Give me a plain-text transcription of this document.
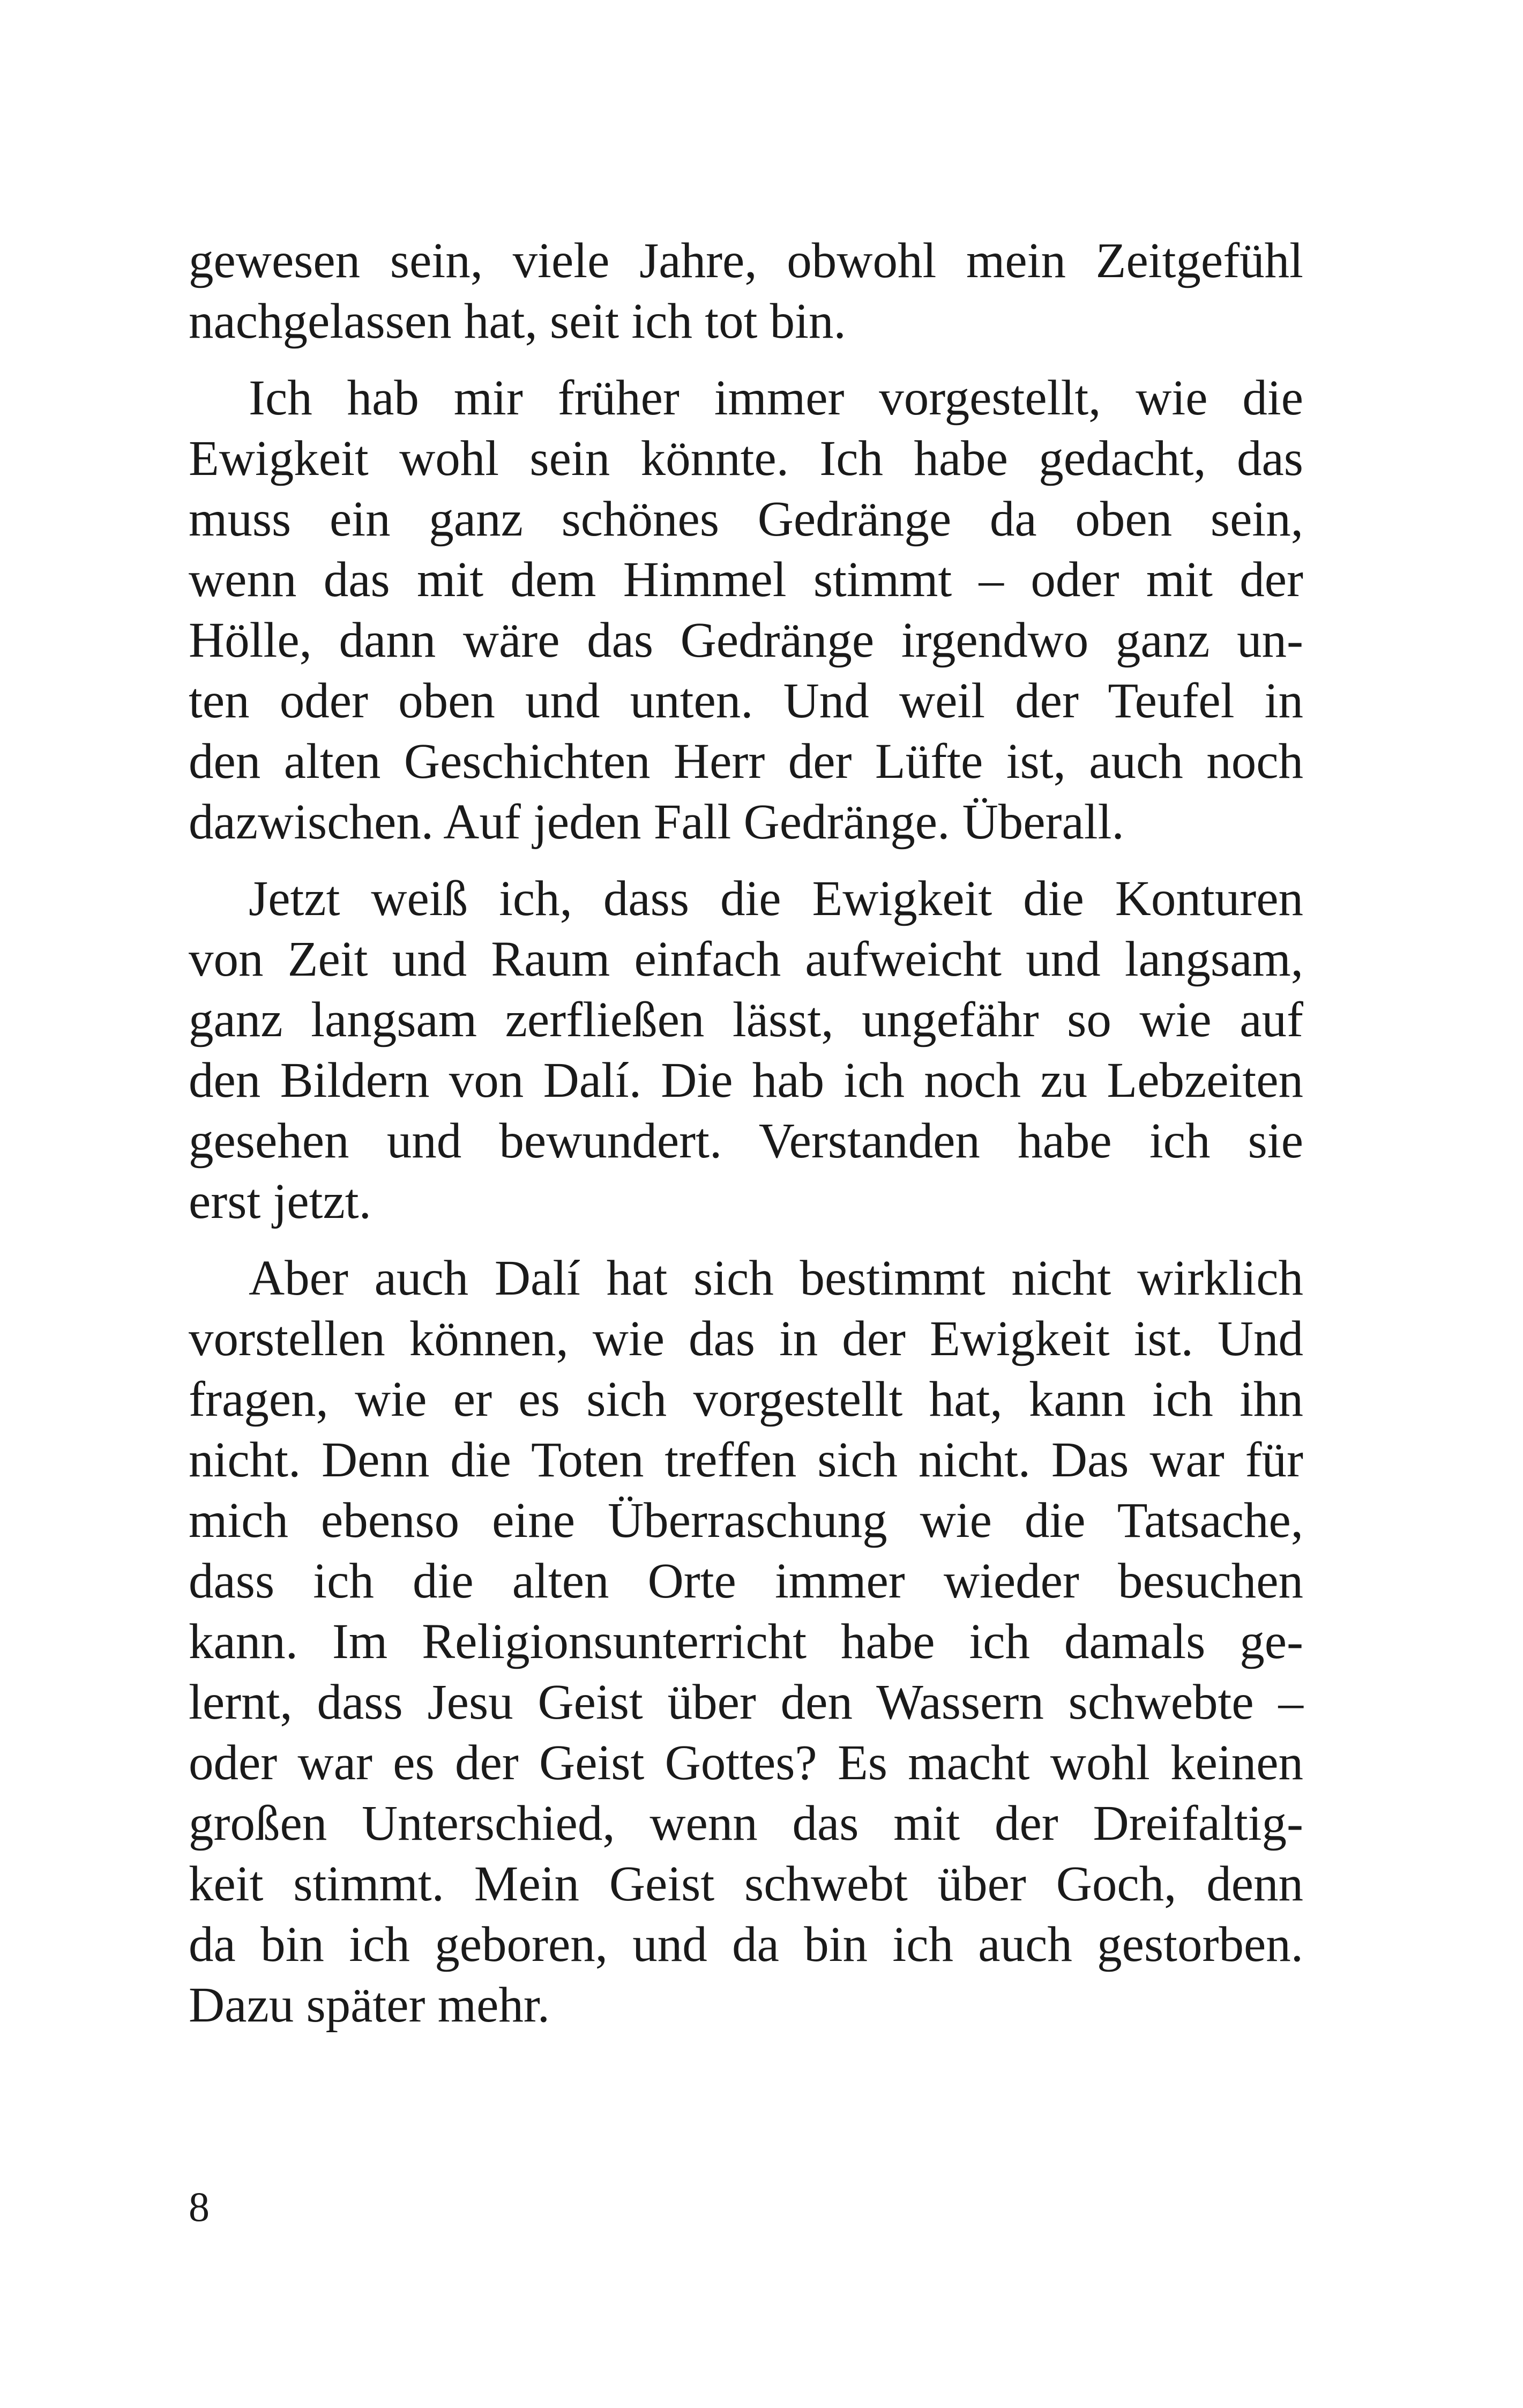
gewesen sein, viele Jahre, obwohl mein Zeitgefühl
nachgelassen hat, seit ich tot bin.
Ich hab mir früher immer vorgestellt, wie die
Ewigkeit wohl sein könnte. Ich habe gedacht, das
muss ein ganz schönes Gedränge da oben sein,
wenn das mit dem Himmel stimmt – oder mit der
Hölle, dann wäre das Gedränge irgendwo ganz un-
ten oder oben und unten. Und weil der Teufel in
den alten Geschichten Herr der Lüfte ist, auch noch
dazwischen. Auf jeden Fall Gedränge. Überall.
Jetzt weiß ich, dass die Ewigkeit die Konturen
von Zeit und Raum einfach aufweicht und langsam,
ganz langsam zerfließen lässt, ungefähr so wie auf
den Bildern von Dalí. Die hab ich noch zu Lebzeiten
gesehen und bewundert. Verstanden habe ich sie
erst jetzt.
Aber auch Dalí hat sich bestimmt nicht wirklich
vorstellen können, wie das in der Ewigkeit ist. Und
fragen, wie er es sich vorgestellt hat, kann ich ihn
nicht. Denn die Toten treffen sich nicht. Das war für
mich ebenso eine Überraschung wie die Tatsache,
dass ich die alten Orte immer wieder besuchen
kann. Im Religionsunterricht habe ich damals ge-
lernt, dass Jesu Geist über den Wassern schwebte –
oder war es der Geist Gottes? Es macht wohl keinen
großen Unterschied, wenn das mit der Dreifaltig-
keit stimmt. Mein Geist schwebt über Goch, denn
da bin ich geboren, und da bin ich auch gestorben.
Dazu später mehr.
8
